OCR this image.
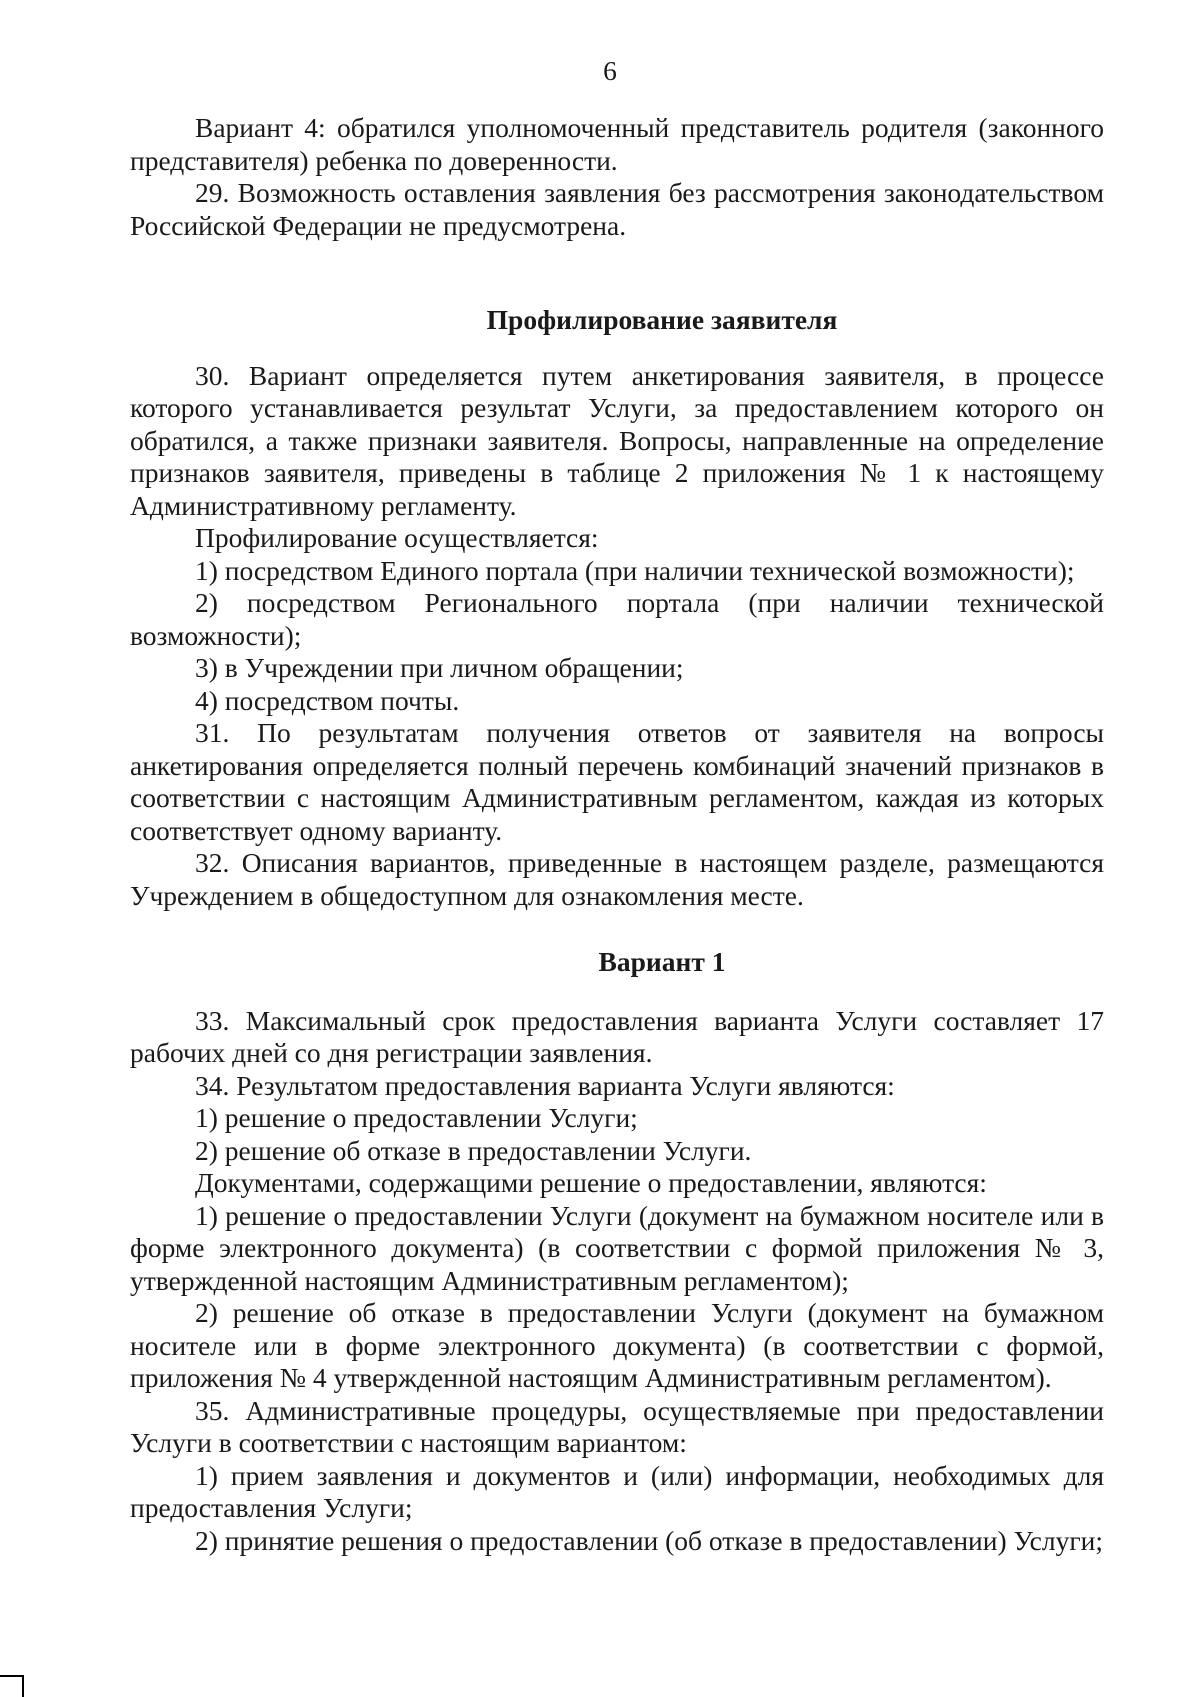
6

Вариант 4: обратился уполномоченный представитель родителя (законного представителя) ребенка по доверенности.

29. Возможность оставления заявления без рассмотрения законодательством Российской Федерации не предусмотрена.

Профилирование заявителя

30. Вариант определяется путем анкетирования заявителя, в процессе которого устанавливается результат Услуги, за предоставлением которого он обратился, а также признаки заявителя. Вопросы, направленные на определение признаков заявителя, приведены в таблице 2 приложения № 1 к настоящему Административному регламенту.

Профилирование осуществляется:

1) посредством Единого портала (при наличии технической возможности);

2) посредством Регионального портала (при наличии технической возможности);

3) в Учреждении при личном обращении;

4) посредством почты.

31. По результатам получения ответов от заявителя на вопросы анкетирования определяется полный перечень комбинаций значений признаков в соответствии с настоящим Административным регламентом, каждая из которых соответствует одному варианту.

32. Описания вариантов, приведенные в настоящем разделе, размещаются Учреждением в общедоступном для ознакомления месте.

Вариант 1

33. Максимальный срок предоставления варианта Услуги составляет 17 рабочих дней со дня регистрации заявления.

34. Результатом предоставления варианта Услуги являются:

1) решение о предоставлении Услуги;

2) решение об отказе в предоставлении Услуги.

Документами, содержащими решение о предоставлении, являются:

1) решение о предоставлении Услуги (документ на бумажном носителе или в форме электронного документа) (в соответствии с формой приложения № 3, утвержденной настоящим Административным регламентом);

2) решение об отказе в предоставлении Услуги (документ на бумажном носителе или в форме электронного документа) (в соответствии с формой, приложения № 4 утвержденной настоящим Административным регламентом).

35. Административные процедуры, осуществляемые при предоставлении Услуги в соответствии с настоящим вариантом:

1) прием заявления и документов и (или) информации, необходимых для предоставления Услуги;

2) принятие решения о предоставлении (об отказе в предоставлении) Услуги;
